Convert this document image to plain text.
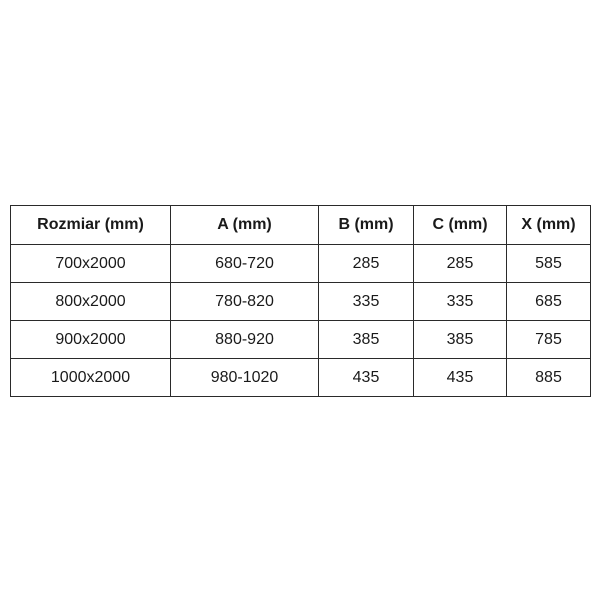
Rozmiar (mm)	A (mm)	B (mm)	C (mm)	X (mm)
700x2000	680-720	285	285	585
800x2000	780-820	335	335	685
900x2000	880-920	385	385	785
1000x2000	980-1020	435	435	885
